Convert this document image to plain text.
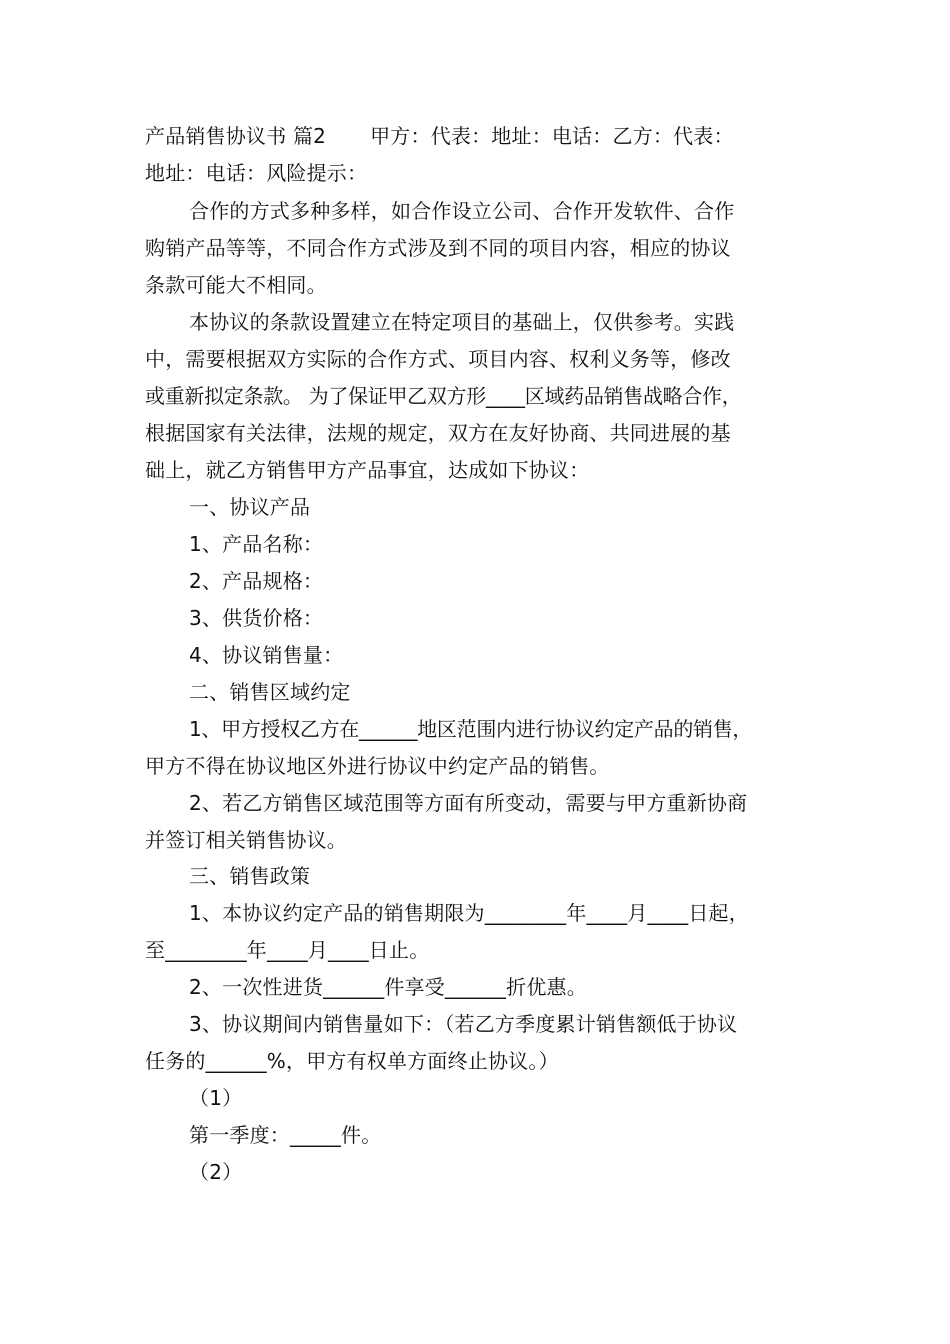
产品销售协议书 篇2 甲方：代表：地址：电话：乙方：代表：

地址：电话：风险提示：

合作的方式多种多样，如合作设立公司、合作开发软件、合作

购销产品等等，不同合作方式涉及到不同的项目内容，相应的协议

条款可能大不相同。

本协议的条款设置建立在特定项目的基础上，仅供参考。实践

中，需要根据双方实际的合作方式、项目内容、权利义务等，修改

或重新拟定条款。 为了保证甲乙双方形____区域药品销售战略合作，

根据国家有关法律，法规的规定，双方在友好协商、共同进展的基

础上，就乙方销售甲方产品事宜，达成如下协议：

一、协议产品

1、产品名称：

2、产品规格：

3、供货价格：

4、协议销售量：

二、销售区域约定

1、甲方授权乙方在______地区范围内进行协议约定产品的销售，

甲方不得在协议地区外进行协议中约定产品的销售。

2、若乙方销售区域范围等方面有所变动，需要与甲方重新协商

并签订相关销售协议。

三、销售政策

1、本协议约定产品的销售期限为________年____月____日起，

至________年____月____日止。

2、一次性进货______件享受______折优惠。

3、协议期间内销售量如下：（若乙方季度累计销售额低于协议

任务的______%，甲方有权单方面终止协议。）

（1）

第一季度：_____件。

（2）
